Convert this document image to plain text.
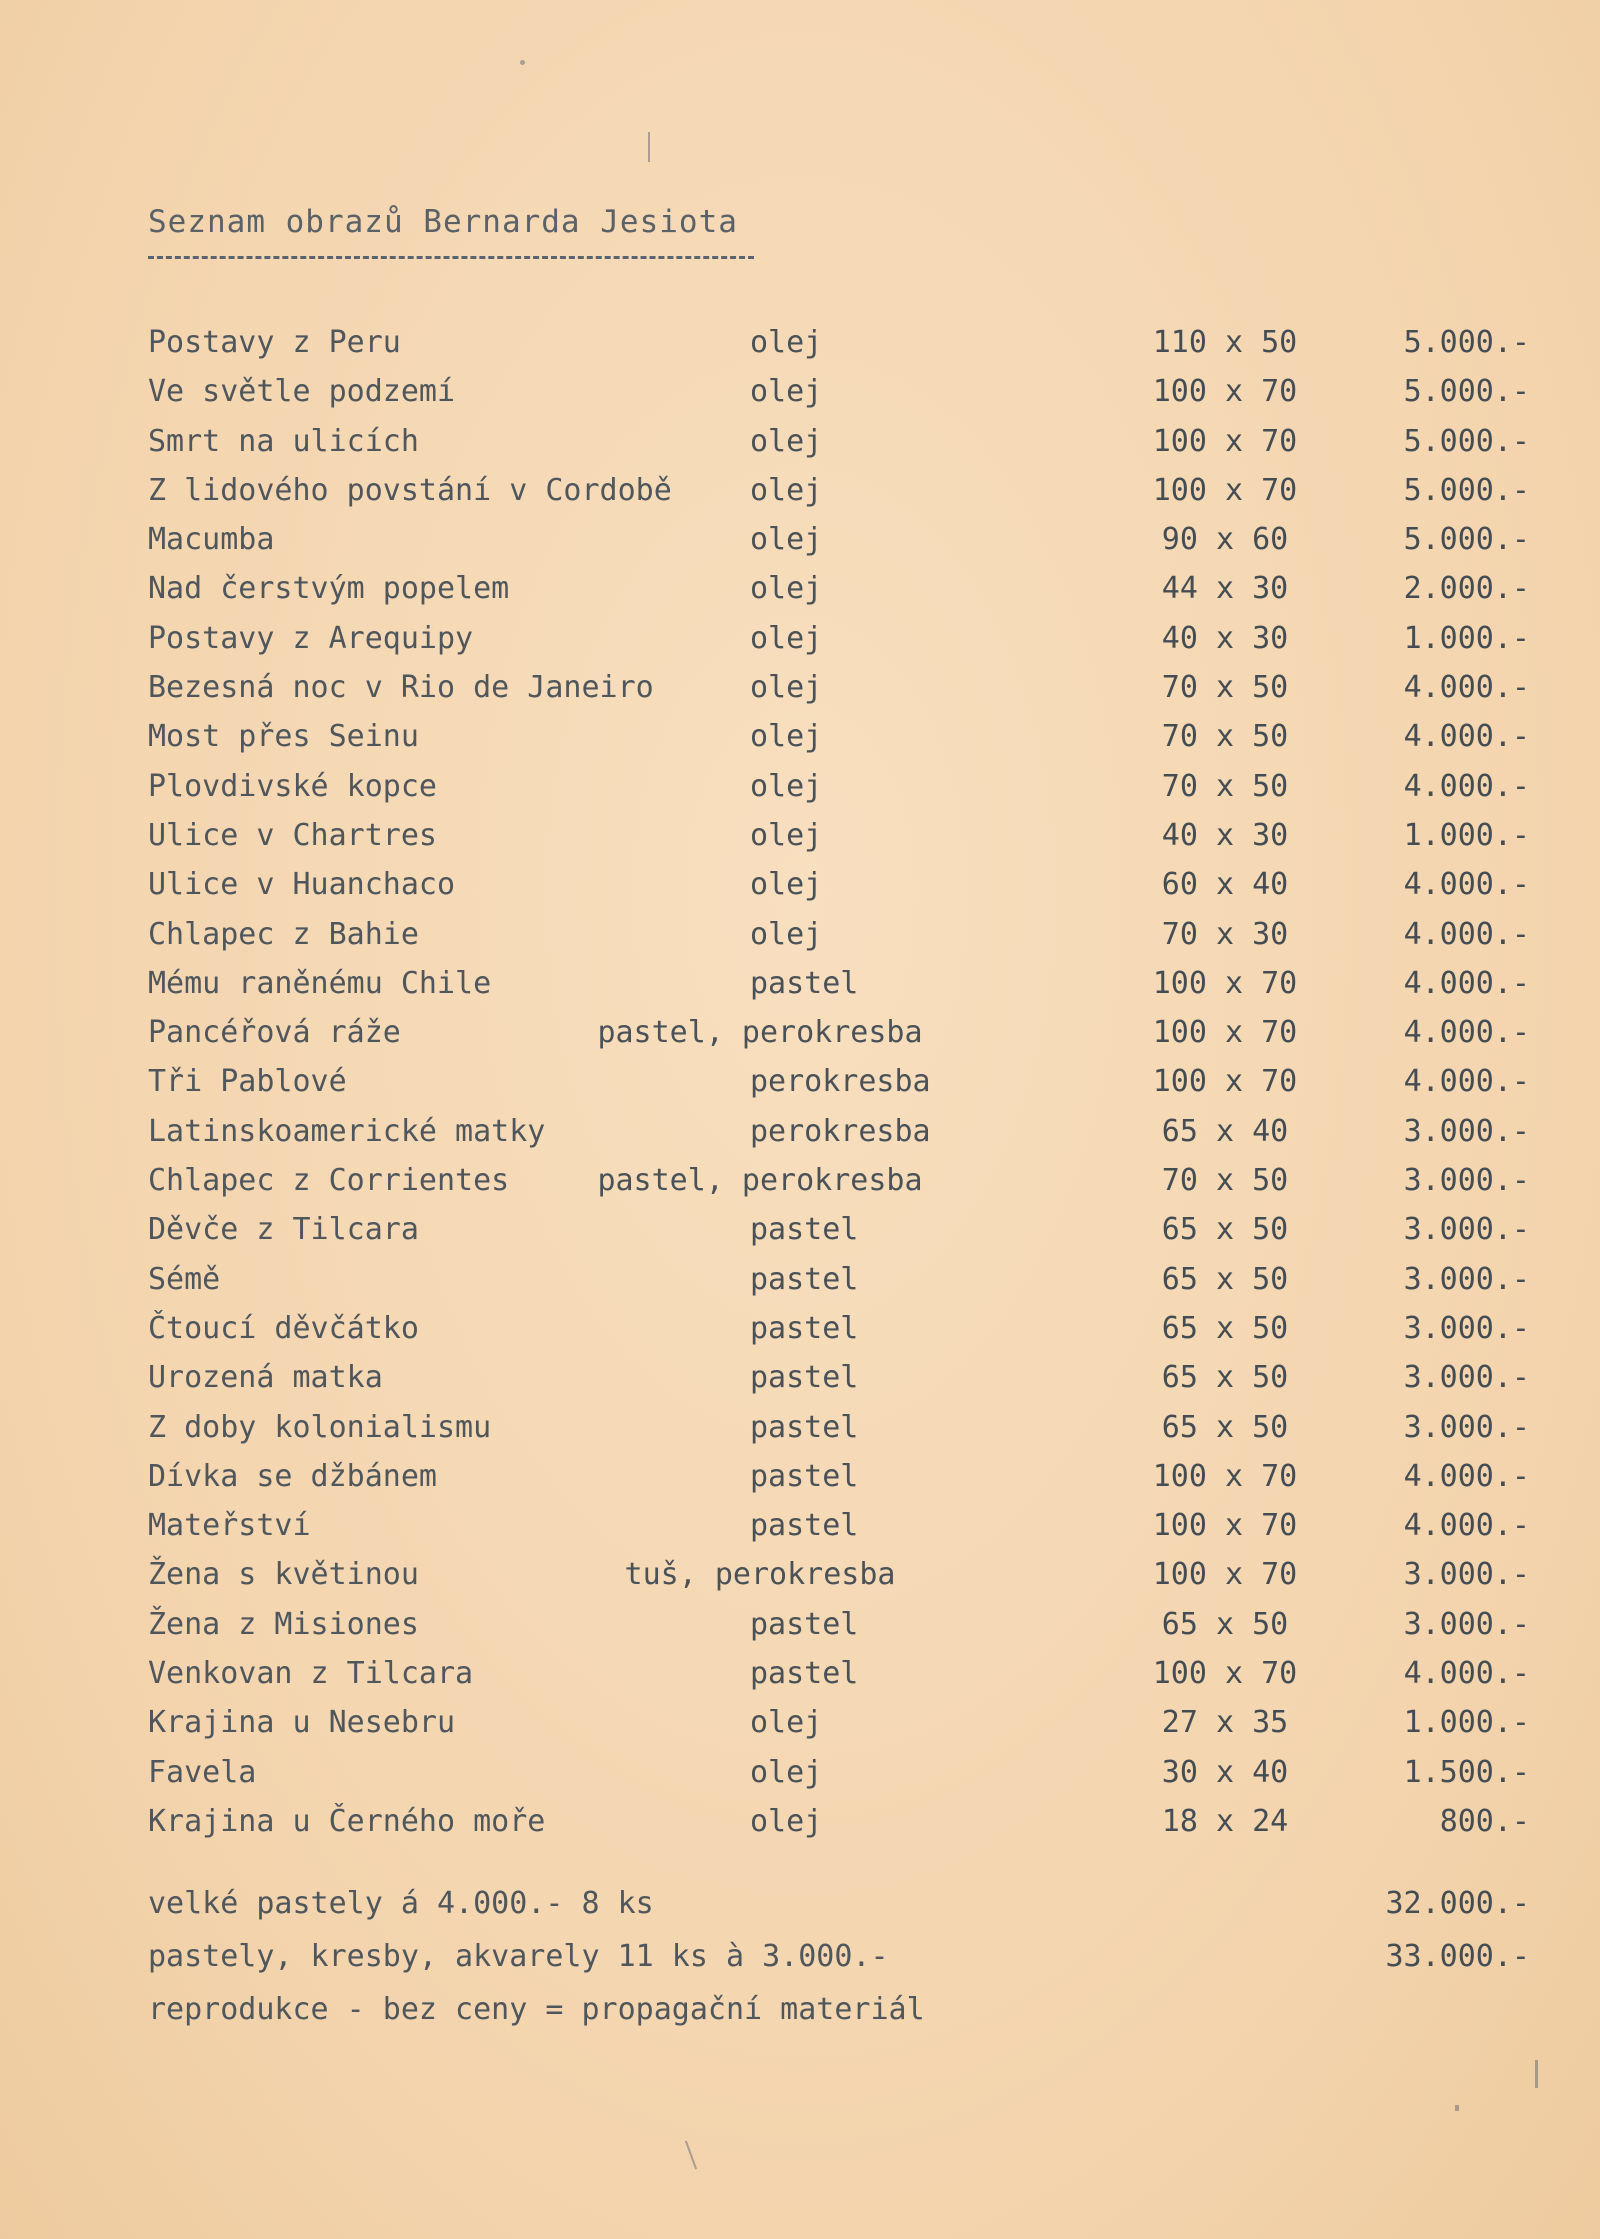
Seznam obrazů Bernarda Jesiota
Postavy z Peru	olej	110 x 50	5.000.-
Ve světle podzemí	olej	100 x 70	5.000.-
Smrt na ulicích	olej	100 x 70	5.000.-
Z lidového povstání v Cordobě	olej	100 x 70	5.000.-
Macumba	olej	90 x 60	5.000.-
Nad čerstvým popelem	olej	44 x 30	2.000.-
Postavy z Arequipy	olej	40 x 30	1.000.-
Bezesná noc v Rio de Janeiro	olej	70 x 50	4.000.-
Most přes Seinu	olej	70 x 50	4.000.-
Plovdivské kopce	olej	70 x 50	4.000.-
Ulice v Chartres	olej	40 x 30	1.000.-
Ulice v Huanchaco	olej	60 x 40	4.000.-
Chlapec z Bahie	olej	70 x 30	4.000.-
Mému raněnému Chile	pastel	100 x 70	4.000.-
Pancéřová ráže	pastel, perokresba	100 x 70	4.000.-
Tři Pablové	perokresba	100 x 70	4.000.-
Latinskoamerické matky	perokresba	65 x 40	3.000.-
Chlapec z Corrientes	pastel, perokresba	70 x 50	3.000.-
Děvče z Tilcara	pastel	65 x 50	3.000.-
Sémě	pastel	65 x 50	3.000.-
Čtoucí děvčátko	pastel	65 x 50	3.000.-
Urozená matka	pastel	65 x 50	3.000.-
Z doby kolonialismu	pastel	65 x 50	3.000.-
Dívka se džbánem	pastel	100 x 70	4.000.-
Mateřství	pastel	100 x 70	4.000.-
Žena s květinou	tuš, perokresba	100 x 70	3.000.-
Žena z Misiones	pastel	65 x 50	3.000.-
Venkovan z Tilcara	pastel	100 x 70	4.000.-
Krajina u Nesebru	olej	27 x 35	1.000.-
Favela	olej	30 x 40	1.500.-
Krajina u Černého moře	olej	18 x 24	800.-
velké pastely á 4.000.- 8 ks	32.000.-
pastely, kresby, akvarely 11 ks à 3.000.-	33.000.-
reprodukce - bez ceny = propagační materiál
